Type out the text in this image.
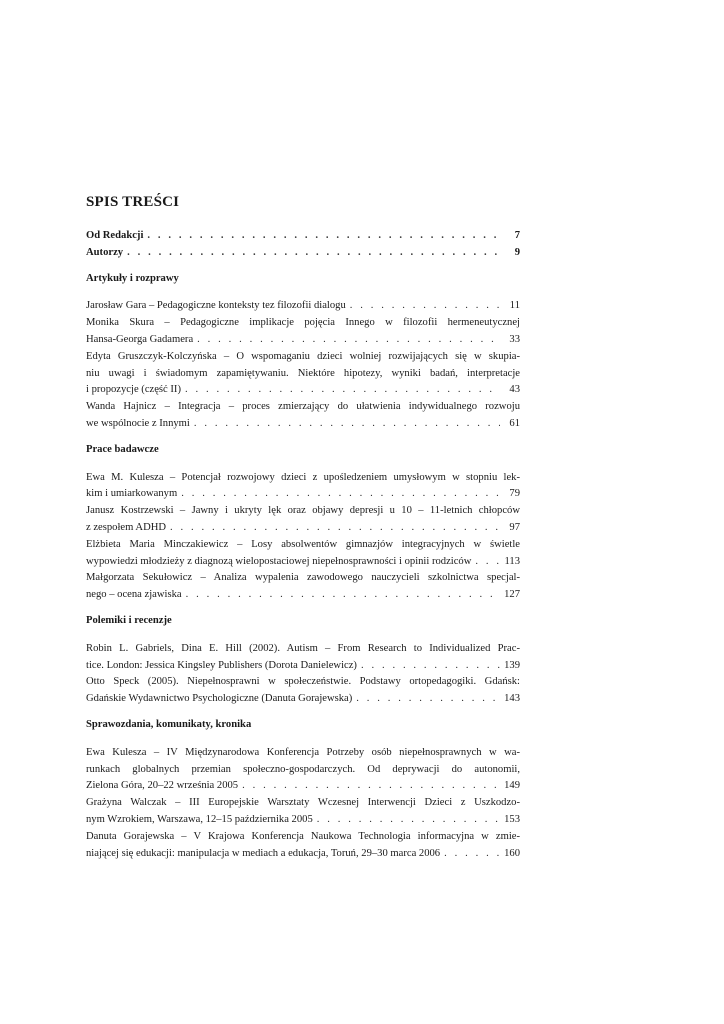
SPIS TREŚCI
Od Redakcji . . .	7
Autorzy . . .	9
Artykuły i rozprawy
Jarosław Gara – Pedagogiczne konteksty tez filozofii dialogu . . .	11
Monika Skura – Pedagogiczne implikacje pojęcia Innego w filozofii hermeneutycznej
Hansa-Georga Gadamera . . .	33
Edyta Gruszczyk-Kolczyńska – O wspomaganiu dzieci wolniej rozwijających się w skupia-
niu uwagi i świadomym zapamiętywaniu. Niektóre hipotezy, wyniki badań, interpretacje
i propozycje (część II) . . .	43
Wanda Hajnicz – Integracja – proces zmierzający do ułatwienia indywidualnego rozwoju
we wspólnocie z Innymi . . .	61
Prace badawcze
Ewa M. Kulesza – Potencjał rozwojowy dzieci z upośledzeniem umysłowym w stopniu lek-
kim i umiarkowanym . . .	79
Janusz Kostrzewski – Jawny i ukryty lęk oraz objawy depresji u 10 – 11-letnich chłopców
z zespołem ADHD . . .	97
Elżbieta Maria Minczakiewicz – Losy absolwentów gimnazjów integracyjnych w świetle
wypowiedzi młodzieży z diagnozą wielopostaciowej niepełnosprawności i opinii rodziców . . .	113
Małgorzata Sekułowicz – Analiza wypalenia zawodowego nauczycieli szkolnictwa specjal-
nego – ocena zjawiska . . .	127
Polemiki i recenzje
Robin L. Gabriels, Dina E. Hill (2002). Autism – From Research to Individualized Prac-
tice. London: Jessica Kingsley Publishers (Dorota Danielewicz) . . .	139
Otto Speck (2005). Niepełnosprawni w społeczeństwie. Podstawy ortopedagogiki. Gdańsk:
Gdańskie Wydawnictwo Psychologiczne (Danuta Gorajewska) . . .	143
Sprawozdania, komunikaty, kronika
Ewa Kulesza – IV Międzynarodowa Konferencja Potrzeby osób niepełnosprawnych w wa-
runkach globalnych przemian społeczno-gospodarczych. Od deprywacji do autonomii,
Zielona Góra, 20–22 września 2005 . . .	149
Grażyna Walczak – III Europejskie Warsztaty Wczesnej Interwencji Dzieci z Uszkodzo-
nym Wzrokiem, Warszawa, 12–15 października 2005 . . .	153
Danuta Gorajewska – V Krajowa Konferencja Naukowa Technologia informacyjna w zmie-
niającej się edukacji: manipulacja w mediach a edukacja, Toruń, 29–30 marca 2006 . . .	160
